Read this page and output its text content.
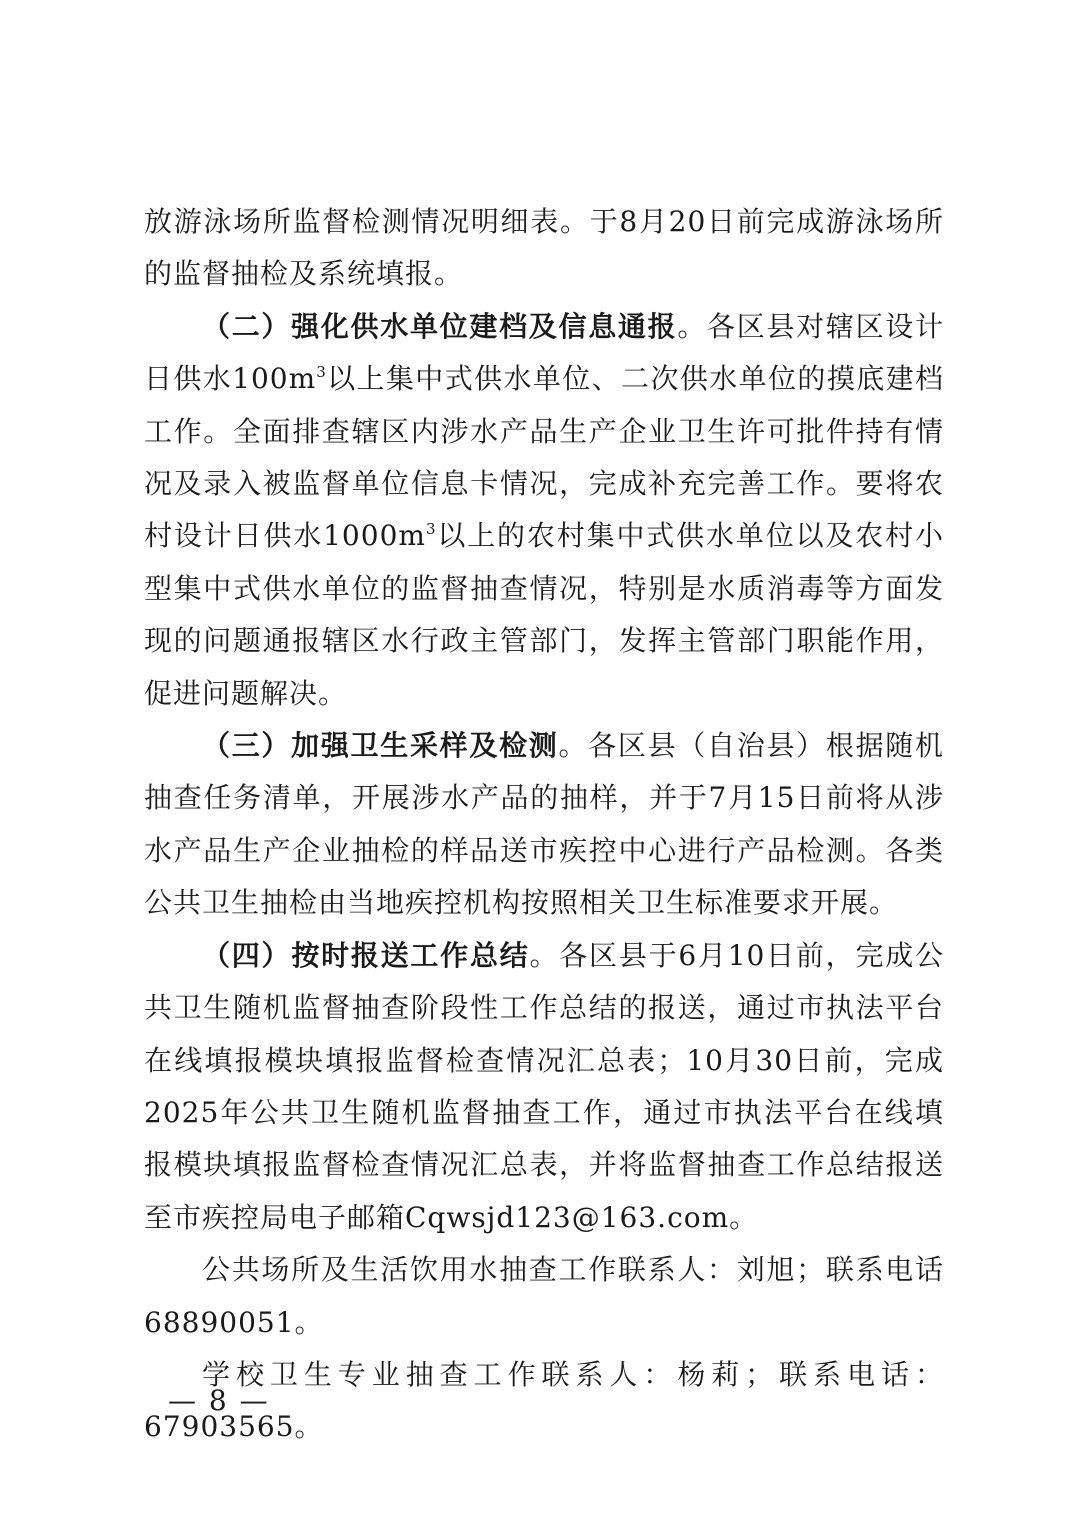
放游泳场所监督检测情况明细表。于8月20日前完成游泳场所的监督抽检及系统填报。

（二）强化供水单位建档及信息通报。各区县对辖区设计日供水$100m^3$以上集中式供水单位、二次供水单位的摸底建档工作。全面排查辖区内涉水产品生产企业卫生许可批件持有情况及录入被监督单位信息卡情况，完成补充完善工作。要将农村设计日供水$1000m^3$以上的农村集中式供水单位以及农村小型集中式供水单位的监督抽查情况，特别是水质消毒等方面发现的问题通报辖区水行政主管部门，发挥主管部门职能作用，促进问题解决。

（三）加强卫生采样及检测。各区县（自治县）根据随机抽查任务清单，开展涉水产品的抽样，并于7月15日前将从涉水产品生产企业抽检的样品送市疾控中心进行产品检测。各类公共卫生抽检由当地疾控机构按照相关卫生标准要求开展。

（四）按时报送工作总结。各区县于6月10日前，完成公共卫生随机监督抽查阶段性工作总结的报送，通过市执法平台在线填报模块填报监督检查情况汇总表；10月30日前，完成2025年公共卫生随机监督抽查工作，通过市执法平台在线填报模块填报监督检查情况汇总表，并将监督抽查工作总结报送至市疾控局电子邮箱Cqwsjd123@163.com。

公共场所及生活饮用水抽查工作联系人：刘旭；联系电话68890051。

学校卫生专业抽查工作联系人：杨莉；联系电话：67903565。

— 8 —
